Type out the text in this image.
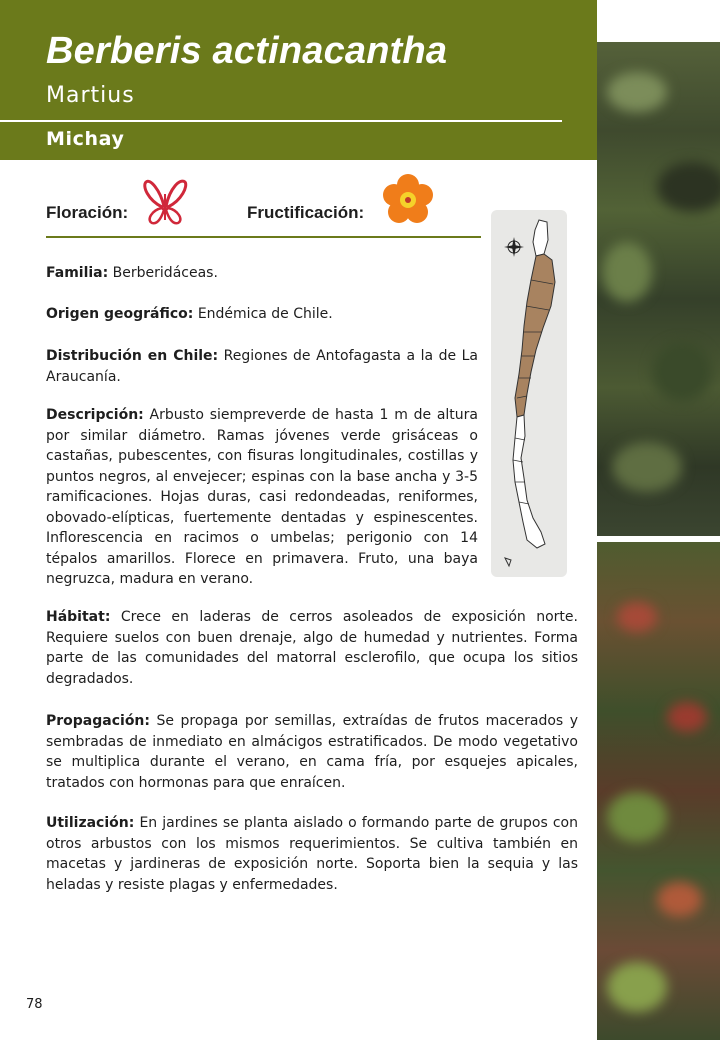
Berberis actinacantha
Martius
Michay
Floración:	Fructificación:

Familia: Berberidáceas.

Origen geográfico: Endémica de Chile.

Distribución en Chile: Regiones de Antofagasta a la de La Araucanía.

Descripción: Arbusto siempreverde de hasta 1 m de altura por similar diámetro. Ramas jóvenes verde grisáceas o castañas, pubescentes, con fisuras longitudinales, costillas y puntos negros, al envejecer; espinas con la base ancha y 3-5 ramificaciones. Hojas duras, casi redondeadas, reniformes, obovado-elípticas, fuertemente dentadas y espinescentes. Inflorescencia en racimos o umbelas; perigonio con 14 tépalos amarillos. Florece en primavera. Fruto, una baya negruzca, madura en verano.

Hábitat: Crece en laderas de cerros asoleados de exposición norte. Requiere suelos con buen drenaje, algo de humedad y nutrientes. Forma parte de las comunidades del matorral esclerofilo, que ocupa los sitios degradados.

Propagación: Se propaga por semillas, extraídas de frutos macerados y sembradas de inmediato en almácigos estratificados. De modo vegetativo se multiplica durante el verano, en cama fría, por esquejes apicales, tratados con hormonas para que enraícen.

Utilización: En jardines se planta aislado o formando parte de grupos con otros arbustos con los mismos requerimientos. Se cultiva también en macetas y jardineras de exposición norte. Soporta bien la sequia y las heladas y resiste plagas y enfermedades.

78
